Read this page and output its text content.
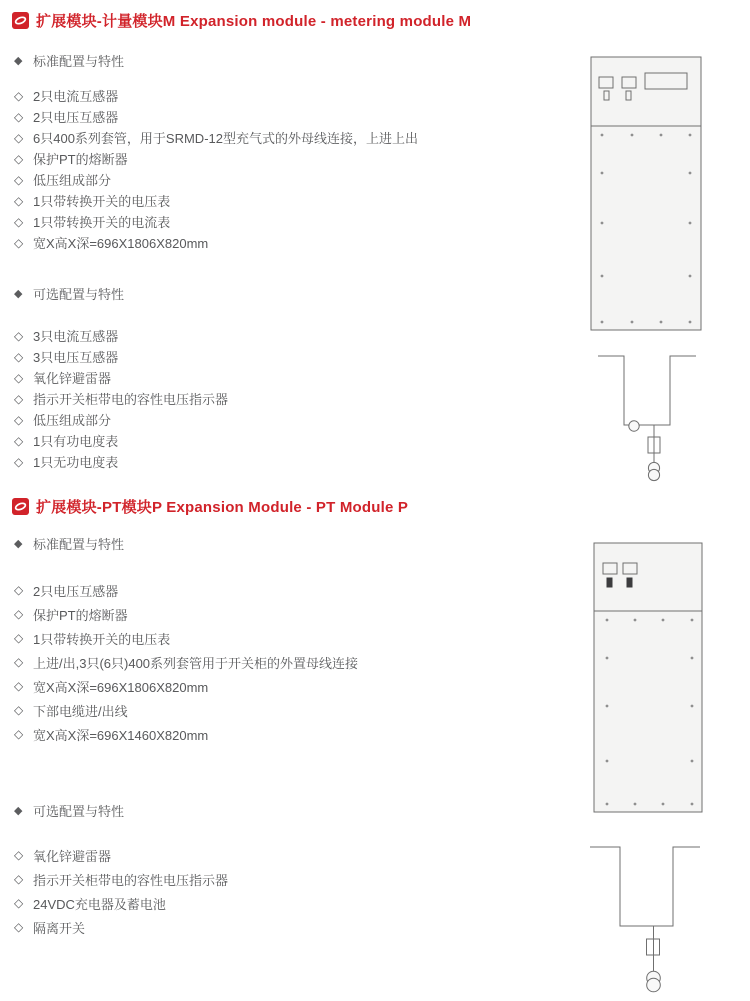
扩展模块-计量模块M Expansion module - metering module M
◆ 标准配置与特性
◇ 2只电流互感器
◇ 2只电压互感器
◇ 6只400系列套管，用于SRMD-12型充气式的外母线连接，上进上出
◇ 保护PT的熔断器
◇ 低压组成部分
◇ 1只带转换开关的电压表
◇ 1只带转换开关的电流表
◇ 宽X高X深=696X1806X820mm
◆ 可选配置与特性
◇ 3只电流互感器
◇ 3只电压互感器
◇ 氧化锌避雷器
◇ 指示开关柜带电的容性电压指示器
◇ 低压组成部分
◇ 1只有功电度表
◇ 1只无功电度表
扩展模块-PT模块P Expansion Module - PT Module P
◆ 标准配置与特性
◇ 2只电压互感器
◇ 保护PT的熔断器
◇ 1只带转换开关的电压表
◇ 上进/出,3只(6只)400系列套管用于开关柜的外置母线连接
◇ 宽X高X深=696X1806X820mm
◇ 下部电缆进/出线
◇ 宽X高X深=696X1460X820mm
◆ 可选配置与特性
◇ 氧化锌避雷器
◇ 指示开关柜带电的容性电压指示器
◇ 24VDC充电器及蓄电池
◇ 隔离开关
